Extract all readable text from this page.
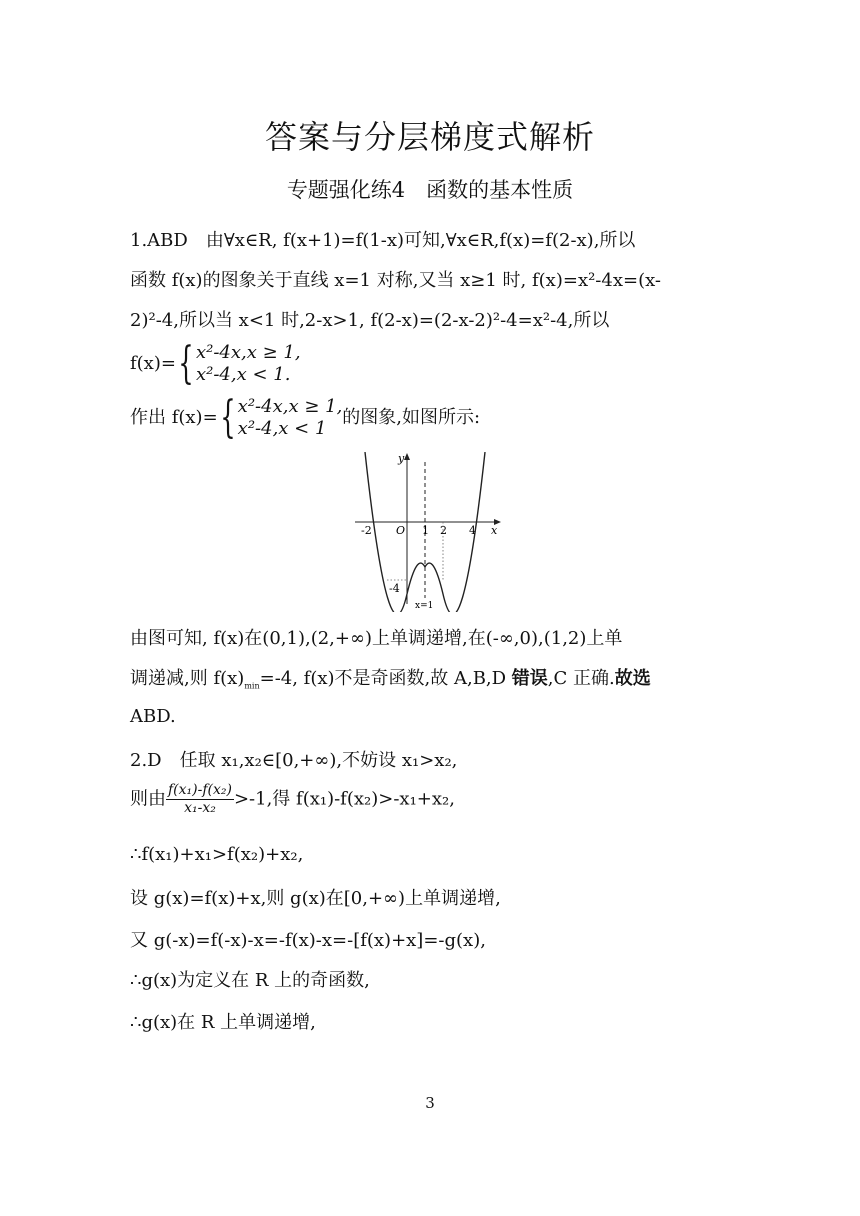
答案与分层梯度式解析
专题强化练4　函数的基本性质
1.ABD　由∀x∈R, f(x+1)=f(1-x)可知,∀x∈R,f(x)=f(2-x),所以
函数 f(x)的图象关于直线 x=1 对称,又当 x≥1 时, f(x)=x²-4x=(x-
2)²-4,所以当 x<1 时,2-x>1, f(2-x)=(2-x-2)²-4=x²-4,所以
f(x)={ x²-4x,x ≥ 1,
x²-4,x < 1.
作出 f(x)={ x²-4x,x ≥ 1,
x²-4,x < 1的图象,如图所示:
y
x
-2 O 1 2 4
-4
x=1
由图可知, f(x)在(0,1),(2,+∞)上单调递增,在(-∞,0),(1,2)上单
调递减,则 $f(x)_{min}=-4$, f(x)不是奇函数,故 A,B,D 错误,C 正确.故选
ABD.
2.D　任取 x₁,x₂∈[0,+∞),不妨设 x₁>x₂,
则由 $\frac{\text{f(x₁)-f(x₂)}}{\text{x₁-x₂}} >-1$,得 f(x₁)-f(x₂)>-x₁+x₂,
∴f(x₁)+x₁>f(x₂)+x₂,
设 g(x)=f(x)+x,则 g(x)在[0,+∞)上单调递增,
又 g(-x)=f(-x)-x=-f(x)-x=-[f(x)+x]=-g(x),
∴g(x)为定义在 R 上的奇函数,
∴g(x)在 R 上单调递增,
3
